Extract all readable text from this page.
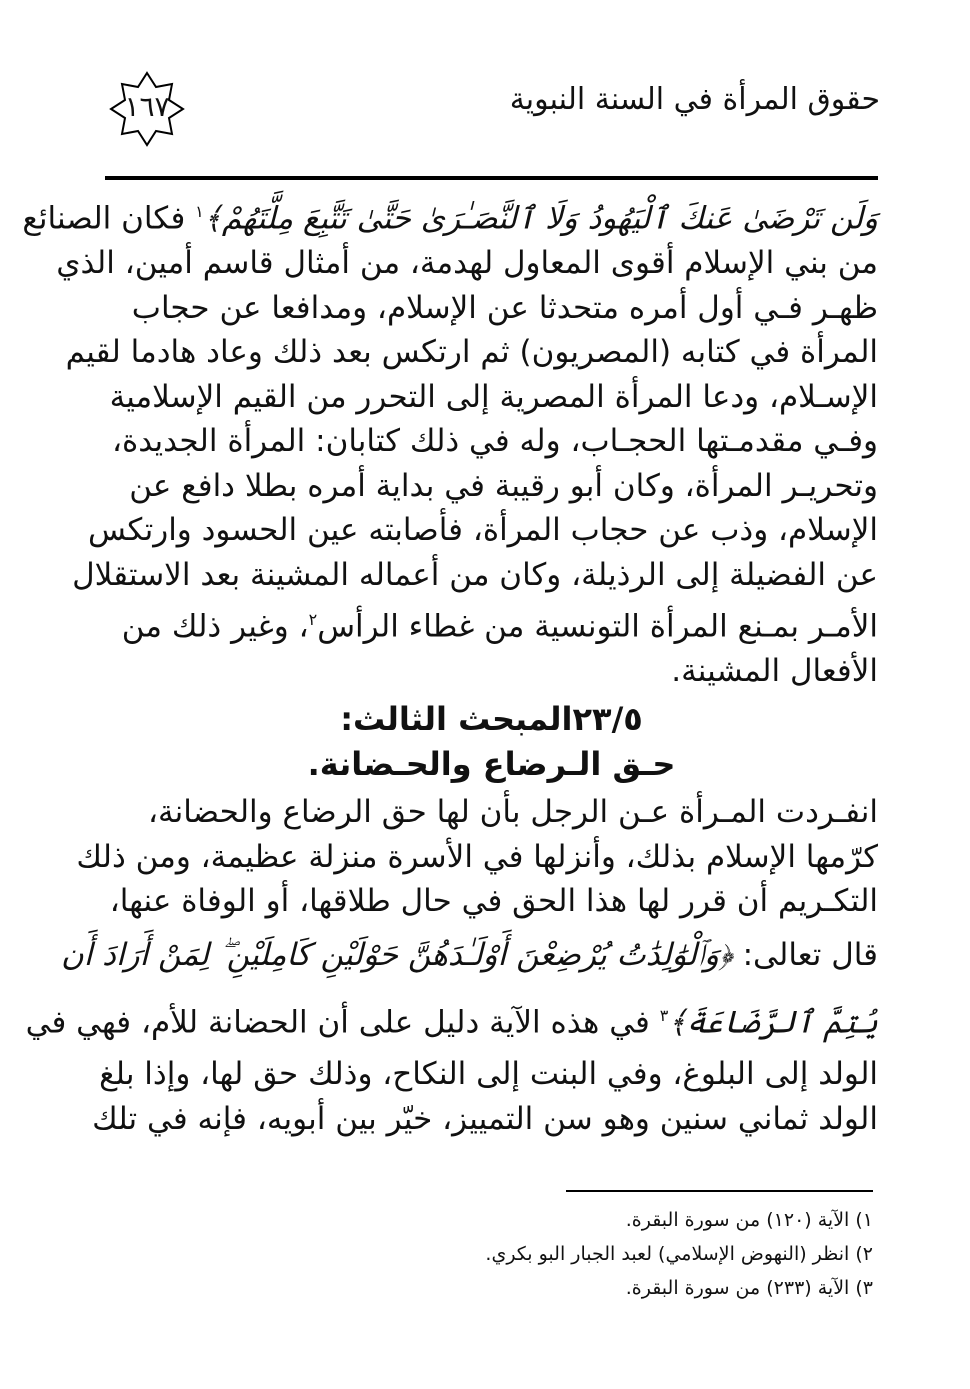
حقوق المرأة في السنة النبوية
١٦٧
وَلَن تَرْضَىٰ عَنكَ ٱلْيَهُودُ وَلَا ٱلنَّصَـٰرَىٰ حَتَّىٰ تَتَّبِعَ مِلَّتَهُمْ﴾$^١$ فكان الصنائع
من بني الإسلام أقوى المعاول لهدمة، من أمثال قاسم أمين، الذي
ظهـر فـي أول أمره متحدثا عن الإسلام، ومدافعا عن حجاب
المرأة في كتابه (المصريون) ثم ارتكس بعد ذلك وعاد هادما لقيم
الإسـلام، ودعا المرأة المصرية إلى التحرر من القيم الإسلامية
وفـي مقدمـتها الحجـاب، وله في ذلك كتابان: المرأة الجديدة،
وتحريـر المرأة، وكان أبو رقيبة في بداية أمره بطلا دافع عن
الإسلام، وذب عن حجاب المرأة، فأصابته عين الحسود وارتكس
عن الفضيلة إلى الرذيلة، وكان من أعماله المشينة بعد الاستقلال
الأمـر بمـنع المرأة التونسية من غطاء الرأس$^٢$، وغير ذلك من
الأفعال المشينة.
٢٣/٥المبحث الثالث:
حـق الـرضاع والحـضانة.
انفـردت المـرأة عـن الرجل بأن لها حق الرضاع والحضانة،
كرّمها الإسلام بذلك، وأنزلها في الأسرة منزلة عظيمة، ومن ذلك
التكـريم أن قرر لها هذا الحق في حال طلاقها، أو الوفاة عنها،
قال تعالى: ﴿وَٱلْوَٰلِدَٰتُ يُرْضِعْنَ أَوْلَـٰدَهُنَّ حَوْلَيْنِ كَامِلَيْنِ ۖ لِمَنْ أَرَادَ أَن
يُتِمَّ ٱلرَّضَاعَةَ﴾$^٣$ في هذه الآية دليل على أن الحضانة للأم، فهي في
الولد إلى البلوغ، وفي البنت إلى النكاح، وذلك حق لها، وإذا بلغ
الولد ثماني سنين وهو سن التمييز، خيّر بين أبويه، فإنه في تلك
١) الآية (١٢٠) من سورة البقرة.
٢) انظر (النهوض الإسلامي) لعبد الجبار البو بكري.
٣) الآية (٢٣٣) من سورة البقرة.
